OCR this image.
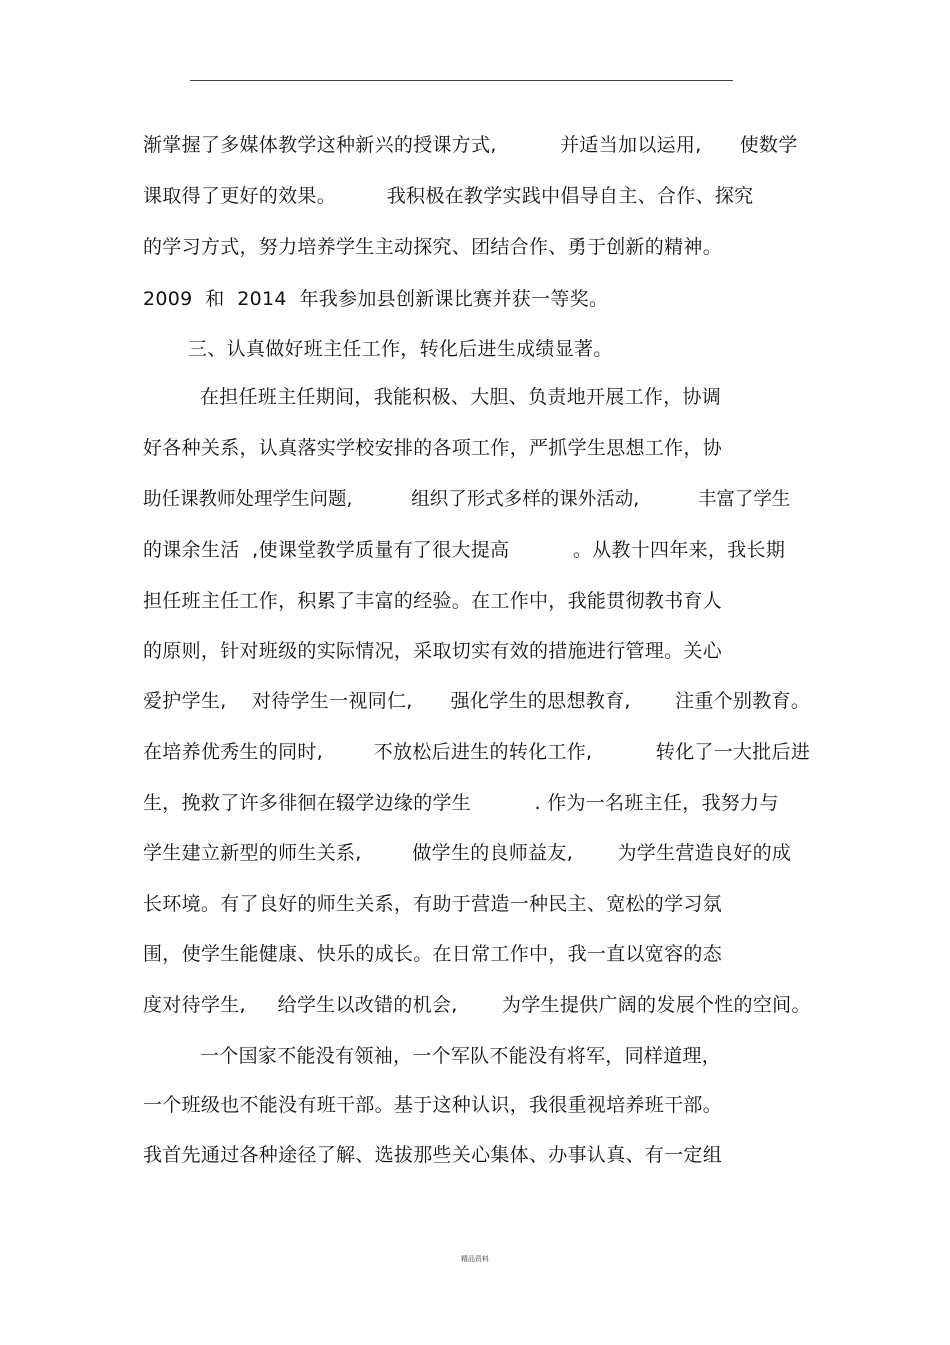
渐掌握了多媒体教学这种新兴的授课方式,          并适当加以运用,      使数学
课取得了更好的效果。        我积极在教学实践中倡导自主、合作、探究
的学习方式，努力培养学生主动探究、团结合作、勇于创新的精神。
2009  和  2014  年我参加县创新课比赛并获一等奖。
三、认真做好班主任工作，转化后进生成绩显著。
在担任班主任期间，我能积极、大胆、负责地开展工作，协调
好各种关系，认真落实学校安排的各项工作，严抓学生思想工作，协
助任课教师处理学生问题,          组织了形式多样的课外活动,          丰富了学生
的课余生活  ,使课堂教学质量有了很大提高          。从教十四年来，我长期
担任班主任工作，积累了丰富的经验。在工作中，我能贯彻教书育人
的原则，针对班级的实际情况，采取切实有效的措施进行管理。关心
爱护学生,    对待学生一视同仁,      强化学生的思想教育,       注重个别教育。
在培养优秀生的同时,        不放松后进生的转化工作,          转化了一大批后进
生，挽救了许多徘徊在辍学边缘的学生          . 作为一名班主任，我努力与
学生建立新型的师生关系,        做学生的良师益友,       为学生营造良好的成
长环境。有了良好的师生关系，有助于营造一种民主、宽松的学习氛
围，使学生能健康、快乐的成长。在日常工作中，我一直以宽容的态
度对待学生,     给学生以改错的机会,       为学生提供广阔的发展个性的空间。
一个国家不能没有领袖，一个军队不能没有将军，同样道理，
一个班级也不能没有班干部。基于这种认识，我很重视培养班干部。
我首先通过各种途径了解、选拔那些关心集体、办事认真、有一定组
精品资料
